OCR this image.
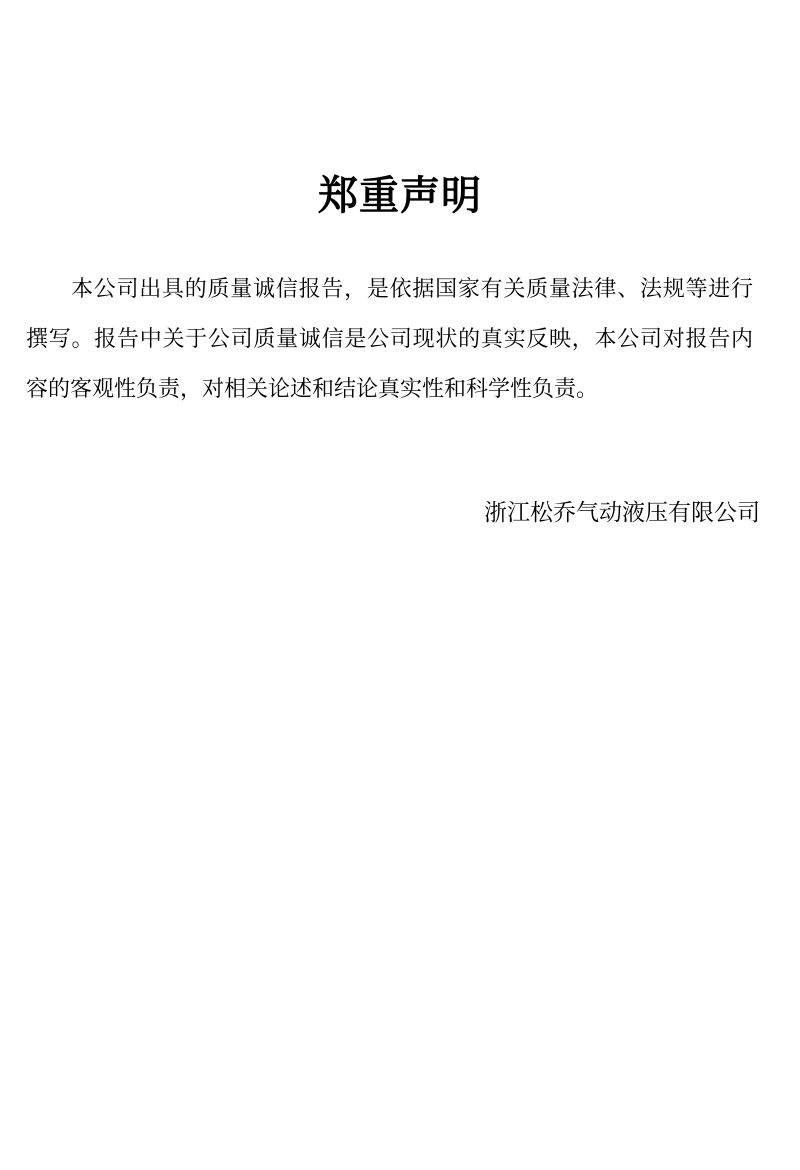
郑重声明
本公司出具的质量诚信报告，是依据国家有关质量法律、法规等进行
撰写。报告中关于公司质量诚信是公司现状的真实反映，本公司对报告内
容的客观性负责，对相关论述和结论真实性和科学性负责。
浙江松乔气动液压有限公司
